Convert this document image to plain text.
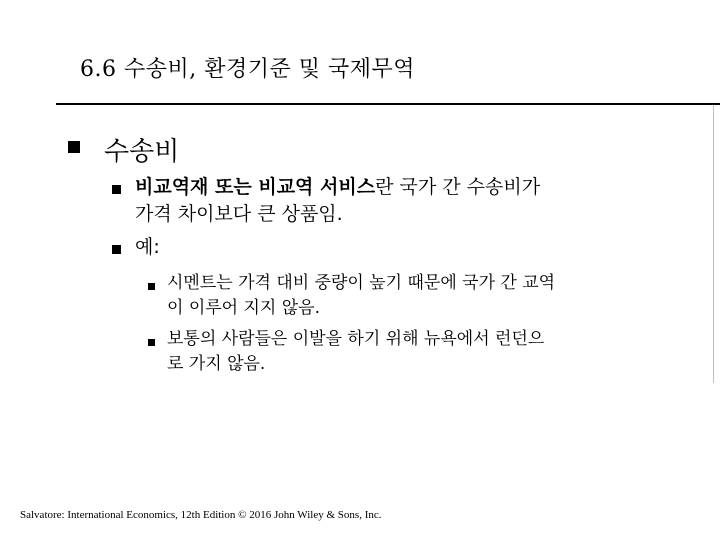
6.6 수송비, 환경기준 및 국제무역
수송비
비교역재 또는 비교역 서비스란 국가 간 수송비가
가격 차이보다 큰 상품임.
예:
시멘트는 가격 대비 중량이 높기 때문에 국가 간 교역
이 이루어 지지 않음.
보통의 사람들은 이발을 하기 위해 뉴욕에서 런던으
로 가지 않음.
Salvatore: International Economics, 12th Edition © 2016 John Wiley & Sons, Inc.
